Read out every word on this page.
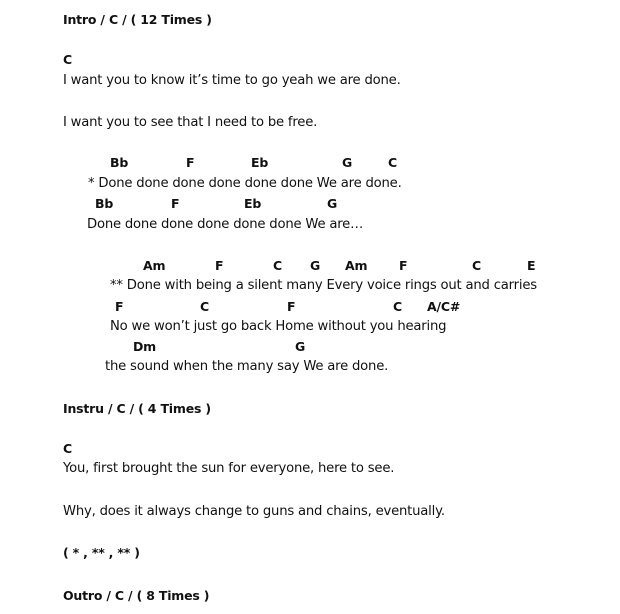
Intro / C / ( 12 Times )
C
I want you to know it’s time to go yeah we are done.
I want you to see that I need to be free.
Bb	F	Eb	G	C
* Done done done done done done We are done.
Bb	F	Eb	G
Done done done done done done We are…
Am	F	C G Am	F	C	E
** Done with being a silent many Every voice rings out and carries
F	C	F	C A/C#
No we won’t just go back Home without you hearing
Dm	G
the sound when the many say We are done.
Instru / C / ( 4 Times )
C
You, first brought the sun for everyone, here to see.
Why, does it always change to guns and chains, eventually.
( * , ** , ** )
Outro / C / ( 8 Times )
